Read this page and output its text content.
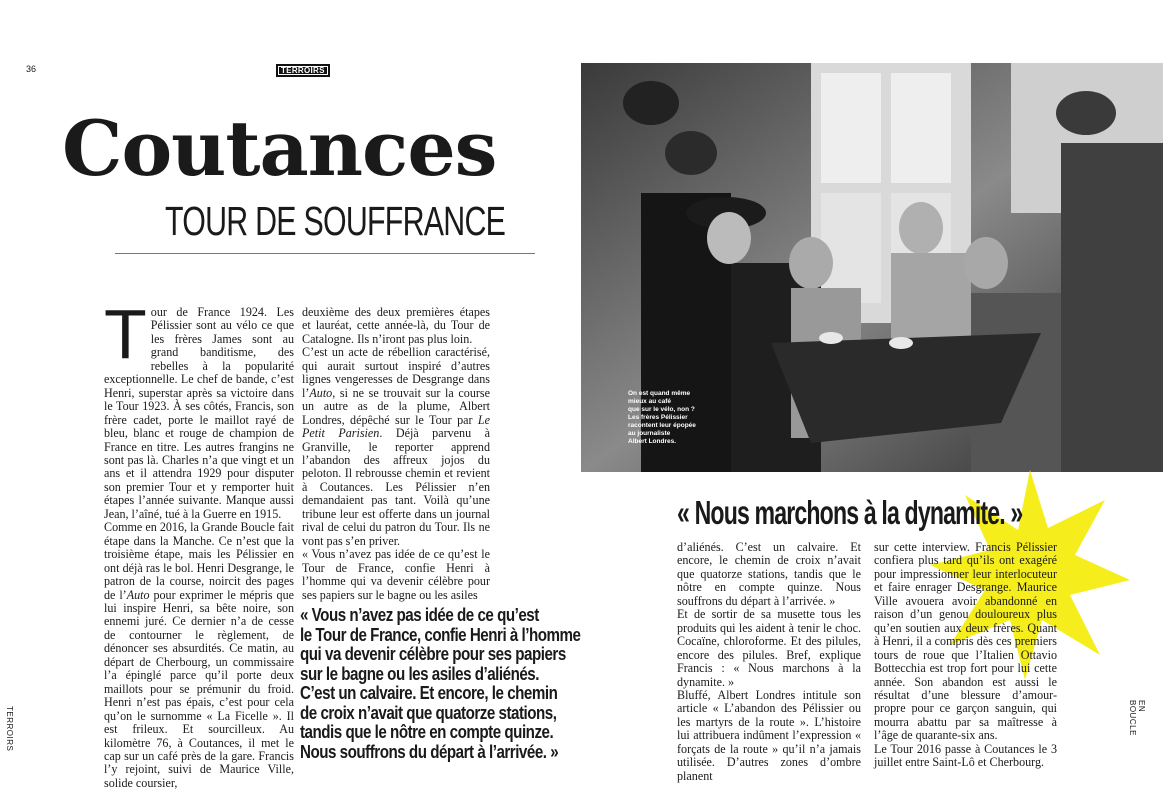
36	TERROIRS
Coutances
TOUR DE SOUFFRANCE

Tour de France 1924. Les Pélissier sont au vélo ce que les frères James sont au grand banditisme, des rebelles à la popularité exceptionnelle. Le chef de bande, c’est Henri, superstar après sa victoire dans le Tour 1923. À ses côtés, Francis, son frère cadet, porte le maillot rayé de bleu, blanc et rouge de champion de France en titre. Les autres frangins ne sont pas là. Charles n’a que vingt et un ans et il attendra 1929 pour disputer son premier Tour et y remporter huit étapes l’année suivante. Manque aussi Jean, l’aîné, tué à la Guerre en 1915.

Comme en 2016, la Grande Boucle fait étape dans la Manche. Ce n’est que la troisième étape, mais les Pélissier en ont déjà ras le bol. Henri Desgrange, le patron de la course, noircit des pages de l’Auto pour exprimer le mépris que lui inspire Henri, sa bête noire, son ennemi juré. Ce dernier n’a de cesse de contourner le règlement, de dénoncer ses absurdités. Ce matin, au départ de Cherbourg, un commissaire l’a épinglé parce qu’il porte deux maillots pour se prémunir du froid. Henri n’est pas épais, c’est pour cela qu’on le surnomme « La Ficelle ». Il est frileux. Et sourcilleux. Au kilomètre 76, à Coutances, il met le cap sur un café près de la gare. Francis l’y rejoint, suivi de Maurice Ville, solide coursier,

deuxième des deux premières étapes et lauréat, cette année-là, du Tour de Catalogne. Ils n’iront pas plus loin.

C’est un acte de rébellion caractérisé, qui aurait surtout inspiré d’autres lignes vengeresses de Desgrange dans l’Auto, si ne se trouvait sur la course un autre as de la plume, Albert Londres, dépêché sur le Tour par Le Petit Parisien. Déjà parvenu à Granville, le reporter apprend l’abandon des affreux jojos du peloton. Il rebrousse chemin et revient à Coutances. Les Pélissier n’en demandaient pas tant. Voilà qu’une tribune leur est offerte dans un journal rival de celui du patron du Tour. Ils ne vont pas s’en priver.

« Vous n’avez pas idée de ce qu’est le Tour de France, confie Henri à l’homme qui va devenir célèbre pour ses papiers sur le bagne ou les asiles

« Vous n’avez pas idée de ce qu’est
le Tour de France, confie Henri à l’homme
qui va devenir célèbre pour ses papiers
sur le bagne ou les asiles d’aliénés.
C’est un calvaire. Et encore, le chemin
de croix n’avait que quatorze stations,
tandis que le nôtre en compte quinze.
Nous souffrons du départ à l’arrivée. »
On est quand même
mieux au café
que sur le vélo, non ?
Les frères Pélissier
racontent leur épopée
au journaliste
Albert Londres.
« Nous marchons à la dynamite. »

d’aliénés. C’est un calvaire. Et encore, le chemin de croix n’avait que quatorze stations, tandis que le nôtre en compte quinze. Nous souffrons du départ à l’arrivée. »

Et de sortir de sa musette tous les produits qui les aident à tenir le choc. Cocaïne, chloroforme. Et des pilules, encore des pilules. Bref, explique Francis : « Nous marchons à la dynamite. »

Bluffé, Albert Londres intitule son article « L’abandon des Pélissier ou les martyrs de la route ». L’histoire lui attribuera indûment l’expression « forçats de la route » qu’il n’a jamais utilisée. D’autres zones d’ombre planent

sur cette interview. Francis Pélissier confiera plus tard qu’ils ont exagéré pour impressionner leur interlocuteur et faire enrager Desgrange. Maurice Ville avouera avoir abandonné en raison d’un genou douloureux plus qu’en soutien aux deux frères. Quant à Henri, il a compris dès ces premiers tours de roue que l’Italien Ottavio Bottecchia est trop fort pour lui cette année. Son abandon est aussi le résultat d’une blessure d’amour-propre pour ce garçon sanguin, qui mourra abattu par sa maîtresse à l’âge de quarante-six ans.

Le Tour 2016 passe à Coutances le 3 juillet entre Saint-Lô et Cherbourg.

TERROIRS	EN BOUCLE
